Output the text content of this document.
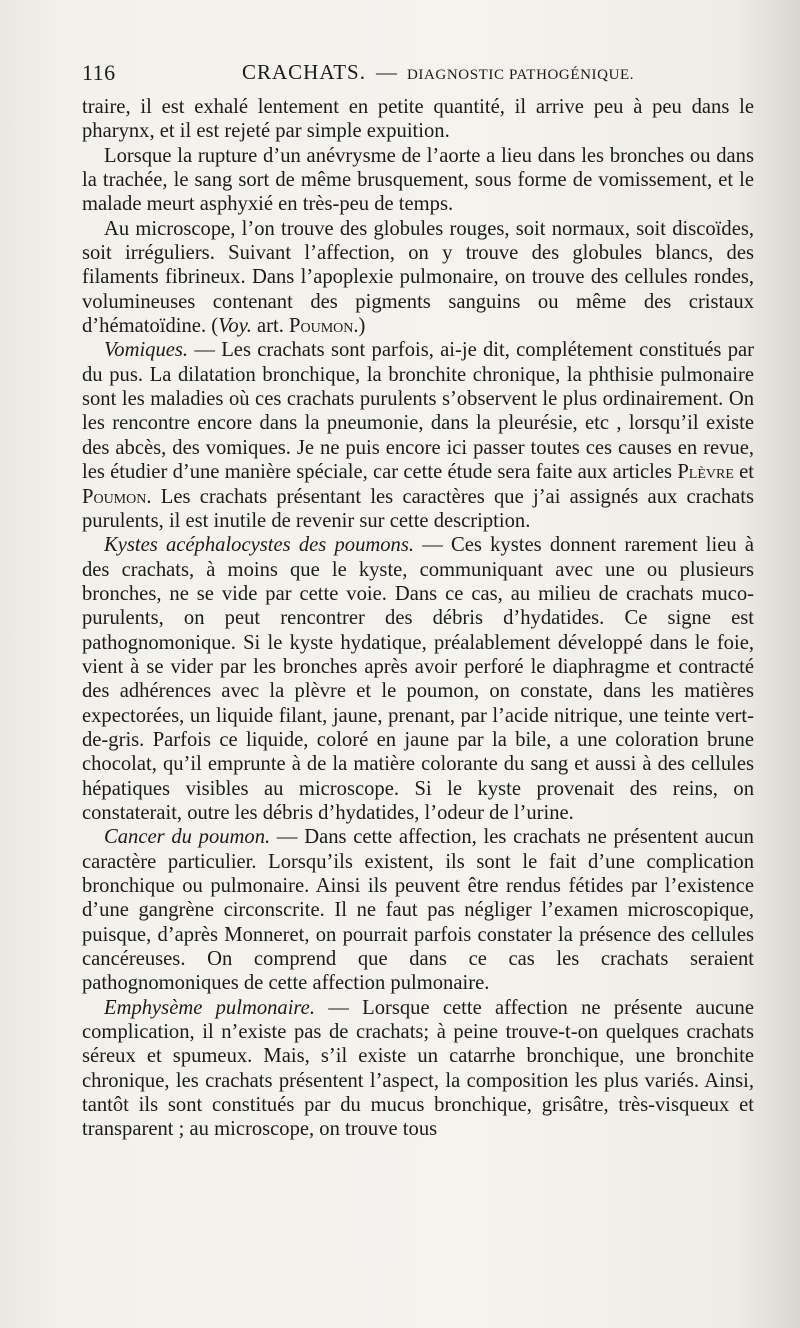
116	CRACHATS. — DIAGNOSTIC PATHOGÉNIQUE.

traire, il est exhalé lentement en petite quantité, il arrive peu à peu dans le pharynx, et il est rejeté par simple expuition.

Lorsque la rupture d’un anévrysme de l’aorte a lieu dans les bronches ou dans la trachée, le sang sort de même brusquement, sous forme de vomissement, et le malade meurt asphyxié en très-peu de temps.

Au microscope, l’on trouve des globules rouges, soit normaux, soit discoïdes, soit irréguliers. Suivant l’affection, on y trouve des globules blancs, des filaments fibrineux. Dans l’apoplexie pulmonaire, on trouve des cellules rondes, volumineuses contenant des pigments sanguins ou même des cristaux d’hématoïdine. (Voy. art. Poumon.)

Vomiques. — Les crachats sont parfois, ai-je dit, complétement constitués par du pus. La dilatation bronchique, la bronchite chronique, la phthisie pulmonaire sont les maladies où ces crachats purulents s’observent le plus ordinairement. On les rencontre encore dans la pneumonie, dans la pleurésie, etc , lorsqu’il existe des abcès, des vomiques. Je ne puis encore ici passer toutes ces causes en revue, les étudier d’une manière spéciale, car cette étude sera faite aux articles Plèvre et Poumon. Les crachats présentant les caractères que j’ai assignés aux crachats purulents, il est inutile de revenir sur cette description.

Kystes acéphalocystes des poumons. — Ces kystes donnent rarement lieu à des crachats, à moins que le kyste, communiquant avec une ou plusieurs bronches, ne se vide par cette voie. Dans ce cas, au milieu de crachats muco-purulents, on peut rencontrer des débris d’hydatides. Ce signe est pathognomonique. Si le kyste hydatique, préalablement développé dans le foie, vient à se vider par les bronches après avoir perforé le diaphragme et contracté des adhérences avec la plèvre et le poumon, on constate, dans les matières expectorées, un liquide filant, jaune, prenant, par l’acide nitrique, une teinte vert-de-gris. Parfois ce liquide, coloré en jaune par la bile, a une coloration brune chocolat, qu’il emprunte à de la matière colorante du sang et aussi à des cellules hépatiques visibles au microscope. Si le kyste provenait des reins, on constaterait, outre les débris d’hydatides, l’odeur de l’urine.

Cancer du poumon. — Dans cette affection, les crachats ne présentent aucun caractère particulier. Lorsqu’ils existent, ils sont le fait d’une complication bronchique ou pulmonaire. Ainsi ils peuvent être rendus fétides par l’existence d’une gangrène circonscrite. Il ne faut pas négliger l’examen microscopique, puisque, d’après Monneret, on pourrait parfois constater la présence des cellules cancéreuses. On comprend que dans ce cas les crachats seraient pathognomoniques de cette affection pulmonaire.

Emphysème pulmonaire. — Lorsque cette affection ne présente aucune complication, il n’existe pas de crachats; à peine trouve-t-on quelques crachats séreux et spumeux. Mais, s’il existe un catarrhe bronchique, une bronchite chronique, les crachats présentent l’aspect, la composition les plus variés. Ainsi, tantôt ils sont constitués par du mucus bronchique, grisâtre, très-visqueux et transparent ; au microscope, on trouve tous
